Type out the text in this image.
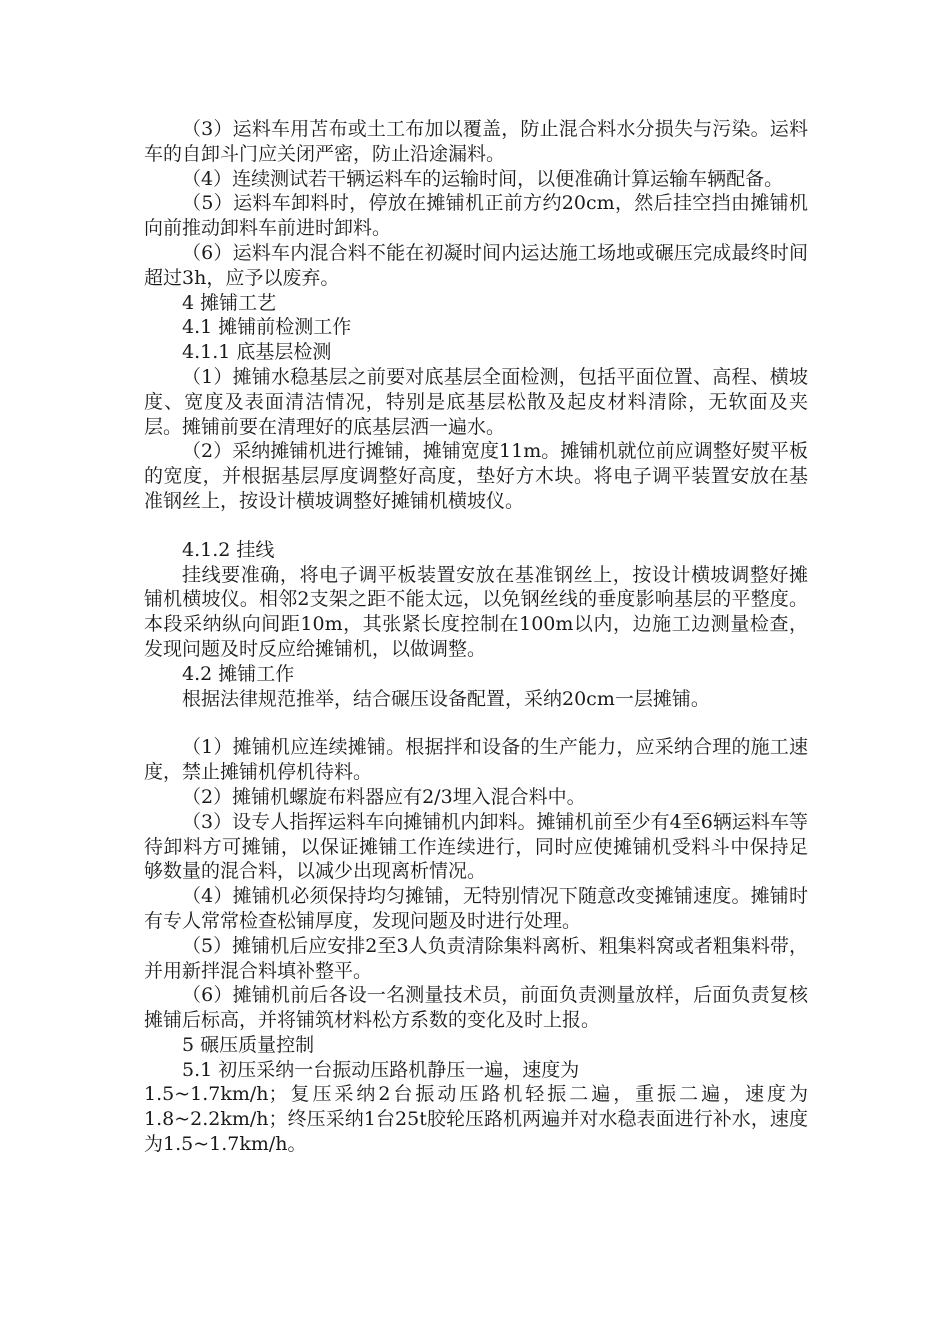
（3）运料车用苫布或土工布加以覆盖，防止混合料水分损失与污染。运料车的自卸斗门应关闭严密，防止沿途漏料。

（4）连续测试若干辆运料车的运输时间，以便准确计算运输车辆配备。

（5）运料车卸料时，停放在摊铺机正前方约20cm，然后挂空挡由摊铺机向前推动卸料车前进时卸料。

（6）运料车内混合料不能在初凝时间内运达施工场地或碾压完成最终时间超过3h，应予以废弃。

4 摊铺工艺

4.1 摊铺前检测工作

4.1.1 底基层检测

（1）摊铺水稳基层之前要对底基层全面检测，包括平面位置、高程、横坡度、宽度及表面清洁情况，特别是底基层松散及起皮材料清除，无软面及夹层。摊铺前要在清理好的底基层洒一遍水。

（2）采纳摊铺机进行摊铺，摊铺宽度11m。摊铺机就位前应调整好熨平板的宽度，并根据基层厚度调整好高度，垫好方木块。将电子调平装置安放在基准钢丝上，按设计横坡调整好摊铺机横坡仪。

4.1.2 挂线

挂线要准确，将电子调平板装置安放在基准钢丝上，按设计横坡调整好摊铺机横坡仪。相邻2支架之距不能太远，以免钢丝线的垂度影响基层的平整度。本段采纳纵向间距10m，其张紧长度控制在100m以内，边施工边测量检查，发现问题及时反应给摊铺机，以做调整。

4.2 摊铺工作

根据法律规范推举，结合碾压设备配置，采纳20cm一层摊铺。

（1）摊铺机应连续摊铺。根据拌和设备的生产能力，应采纳合理的施工速度，禁止摊铺机停机待料。

（2）摊铺机螺旋布料器应有2/3埋入混合料中。

（3）设专人指挥运料车向摊铺机内卸料。摊铺机前至少有4至6辆运料车等待卸料方可摊铺，以保证摊铺工作连续进行，同时应使摊铺机受料斗中保持足够数量的混合料，以减少出现离析情况。

（4）摊铺机必须保持均匀摊铺，无特别情况下随意改变摊铺速度。摊铺时有专人常常检查松铺厚度，发现问题及时进行处理。

（5）摊铺机后应安排2至3人负责清除集料离析、粗集料窝或者粗集料带，并用新拌混合料填补整平。

（6）摊铺机前后各设一名测量技术员，前面负责测量放样，后面负责复核摊铺后标高，并将铺筑材料松方系数的变化及时上报。

5 碾压质量控制

5.1 初压采纳一台振动压路机静压一遍，速度为

1.5~1.7km/h；复压采纳2台振动压路机轻振二遍，重振二遍，速度为1.8~2.2km/h；终压采纳1台25t胶轮压路机两遍并对水稳表面进行补水，速度为1.5~1.7km/h。
